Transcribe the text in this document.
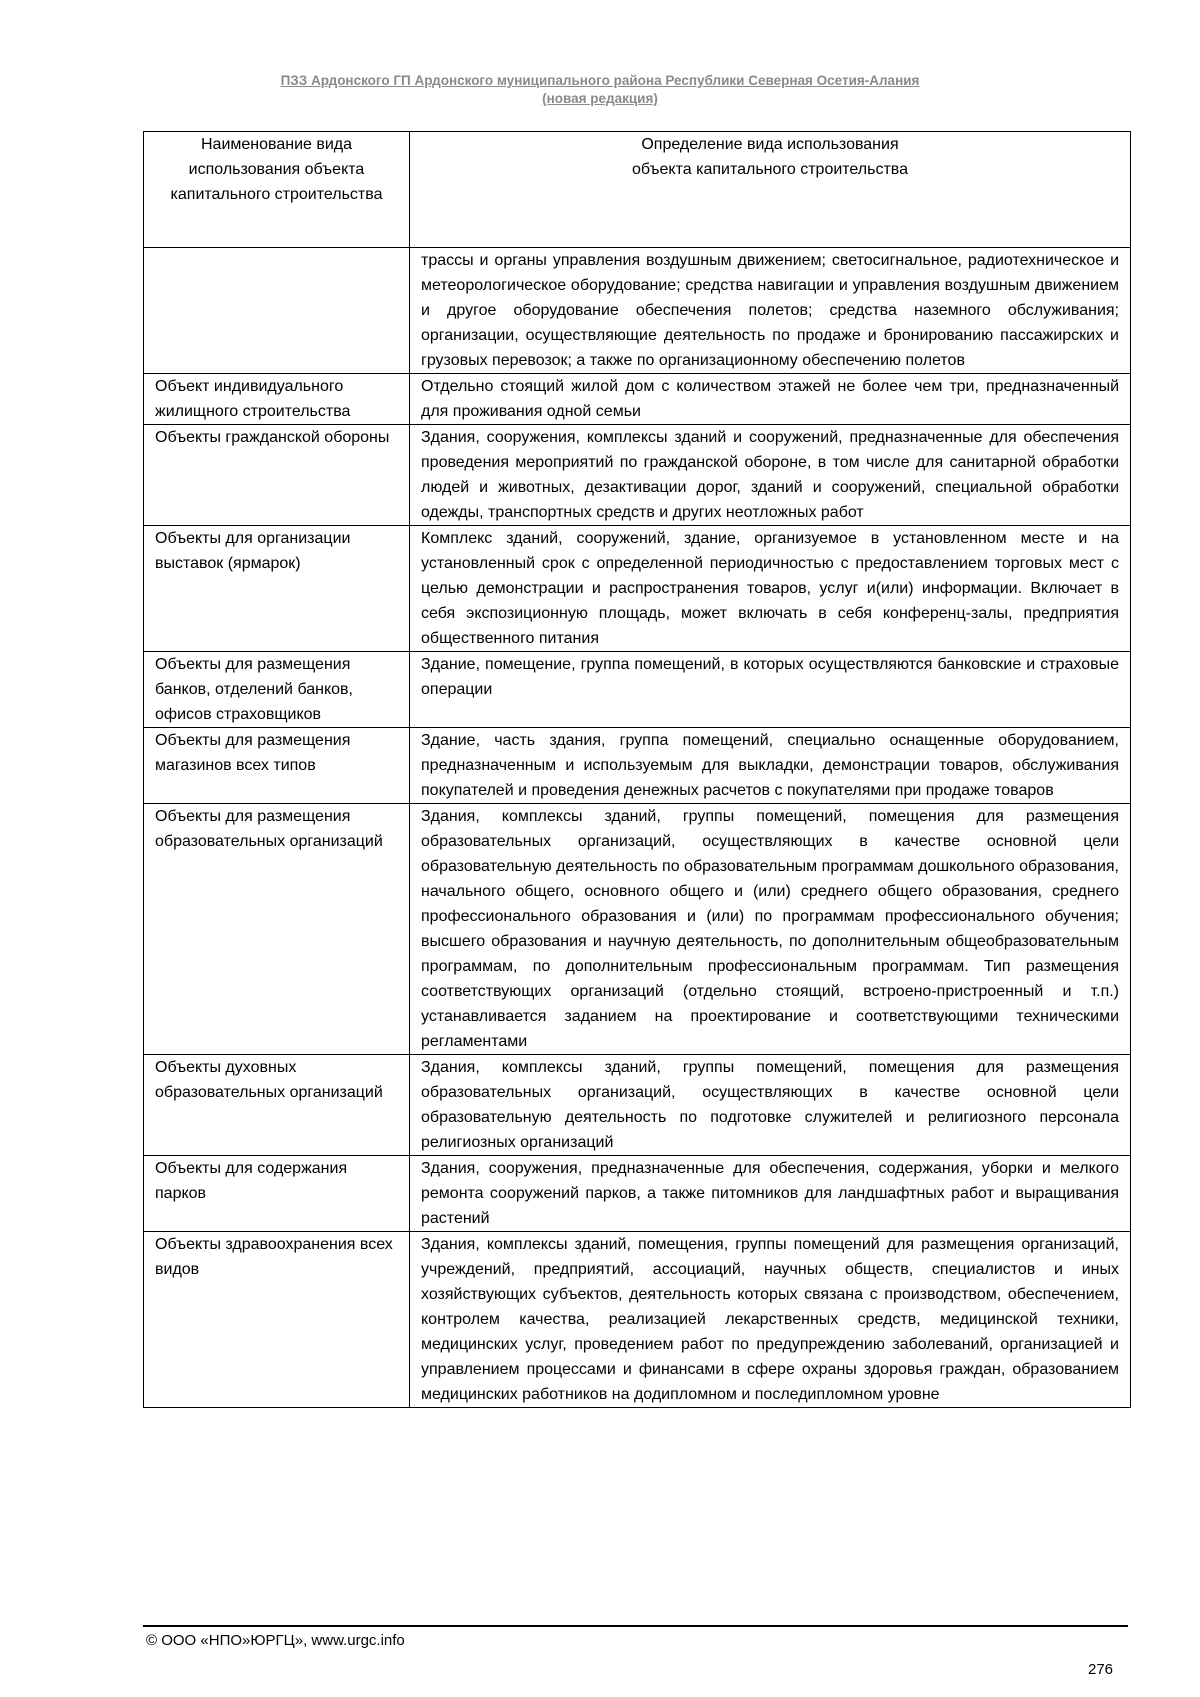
ПЗЗ Ардонского ГП Ардонского муниципального района Республики Северная Осетия-Алания
(новая редакция)
Наименование вида использования объекта капитального строительства	Определение вида использования
объекта капитального строительства

	трассы и органы управления воздушным движением; светосигнальное, радиотехническое и метеорологическое оборудование; средства навигации и управления воздушным движением и другое оборудование обеспечения полетов; средства наземного обслуживания; организации, осуществляющие деятельность по продаже и бронированию пассажирских и грузовых перевозок; а также по организационному обеспечению полетов
Объект индивидуального жилищного строительства	Отдельно стоящий жилой дом с количеством этажей не более чем три, предназначенный для проживания одной семьи
Объекты гражданской обороны	Здания, сооружения, комплексы зданий и сооружений, предназначенные для обеспечения проведения мероприятий по гражданской обороне, в том числе для санитарной обработки людей и животных, дезактивации дорог, зданий и сооружений, специальной обработки одежды, транспортных средств и других неотложных работ
Объекты для организации выставок (ярмарок)	Комплекс зданий, сооружений, здание, организуемое в установленном месте и на установленный срок с определенной периодичностью с предоставлением торговых мест с целью демонстрации и распространения товаров, услуг и(или) информации. Включает в себя экспозиционную площадь, может включать в себя конференц-залы, предприятия общественного питания
Объекты для размещения банков, отделений банков, офисов страховщиков	Здание, помещение, группа помещений, в которых осуществляются банковские и страховые операции
Объекты для размещения магазинов всех типов	Здание, часть здания, группа помещений, специально оснащенные оборудованием, предназначенным и используемым для выкладки, демонстрации товаров, обслуживания покупателей и проведения денежных расчетов с покупателями при продаже товаров
Объекты для размещения образовательных организаций	Здания, комплексы зданий, группы помещений, помещения для размещения образовательных организаций, осуществляющих в качестве основной цели образовательную деятельность по образовательным программам дошкольного образования, начального общего, основного общего и (или) среднего общего образования, среднего профессионального образования и (или) по программам профессионального обучения; высшего образования и научную деятельность, по дополнительным общеобразовательным программам, по дополнительным профессиональным программам. Тип размещения соответствующих организаций (отдельно стоящий, встроено-пристроенный и т.п.) устанавливается заданием на проектирование и соответствующими техническими регламентами
Объекты духовных образовательных организаций	Здания, комплексы зданий, группы помещений, помещения для размещения образовательных организаций, осуществляющих в качестве основной цели образовательную деятельность по подготовке служителей и религиозного персонала религиозных организаций
Объекты для содержания парков	Здания, сооружения, предназначенные для обеспечения, содержания, уборки и мелкого ремонта сооружений парков, а также питомников для ландшафтных работ и выращивания растений
Объекты здравоохранения всех видов	Здания, комплексы зданий, помещения, группы помещений для размещения организаций, учреждений, предприятий, ассоциаций, научных обществ, специалистов и иных хозяйствующих субъектов, деятельность которых связана с производством, обеспечением, контролем качества, реализацией лекарственных средств, медицинской техники, медицинских услуг, проведением работ по предупреждению заболеваний, организацией и управлением процессами и финансами в сфере охраны здоровья граждан, образованием медицинских работников на додипломном и последипломном уровне
© ООО «НПО»ЮРГЦ», www.urgc.info
276
